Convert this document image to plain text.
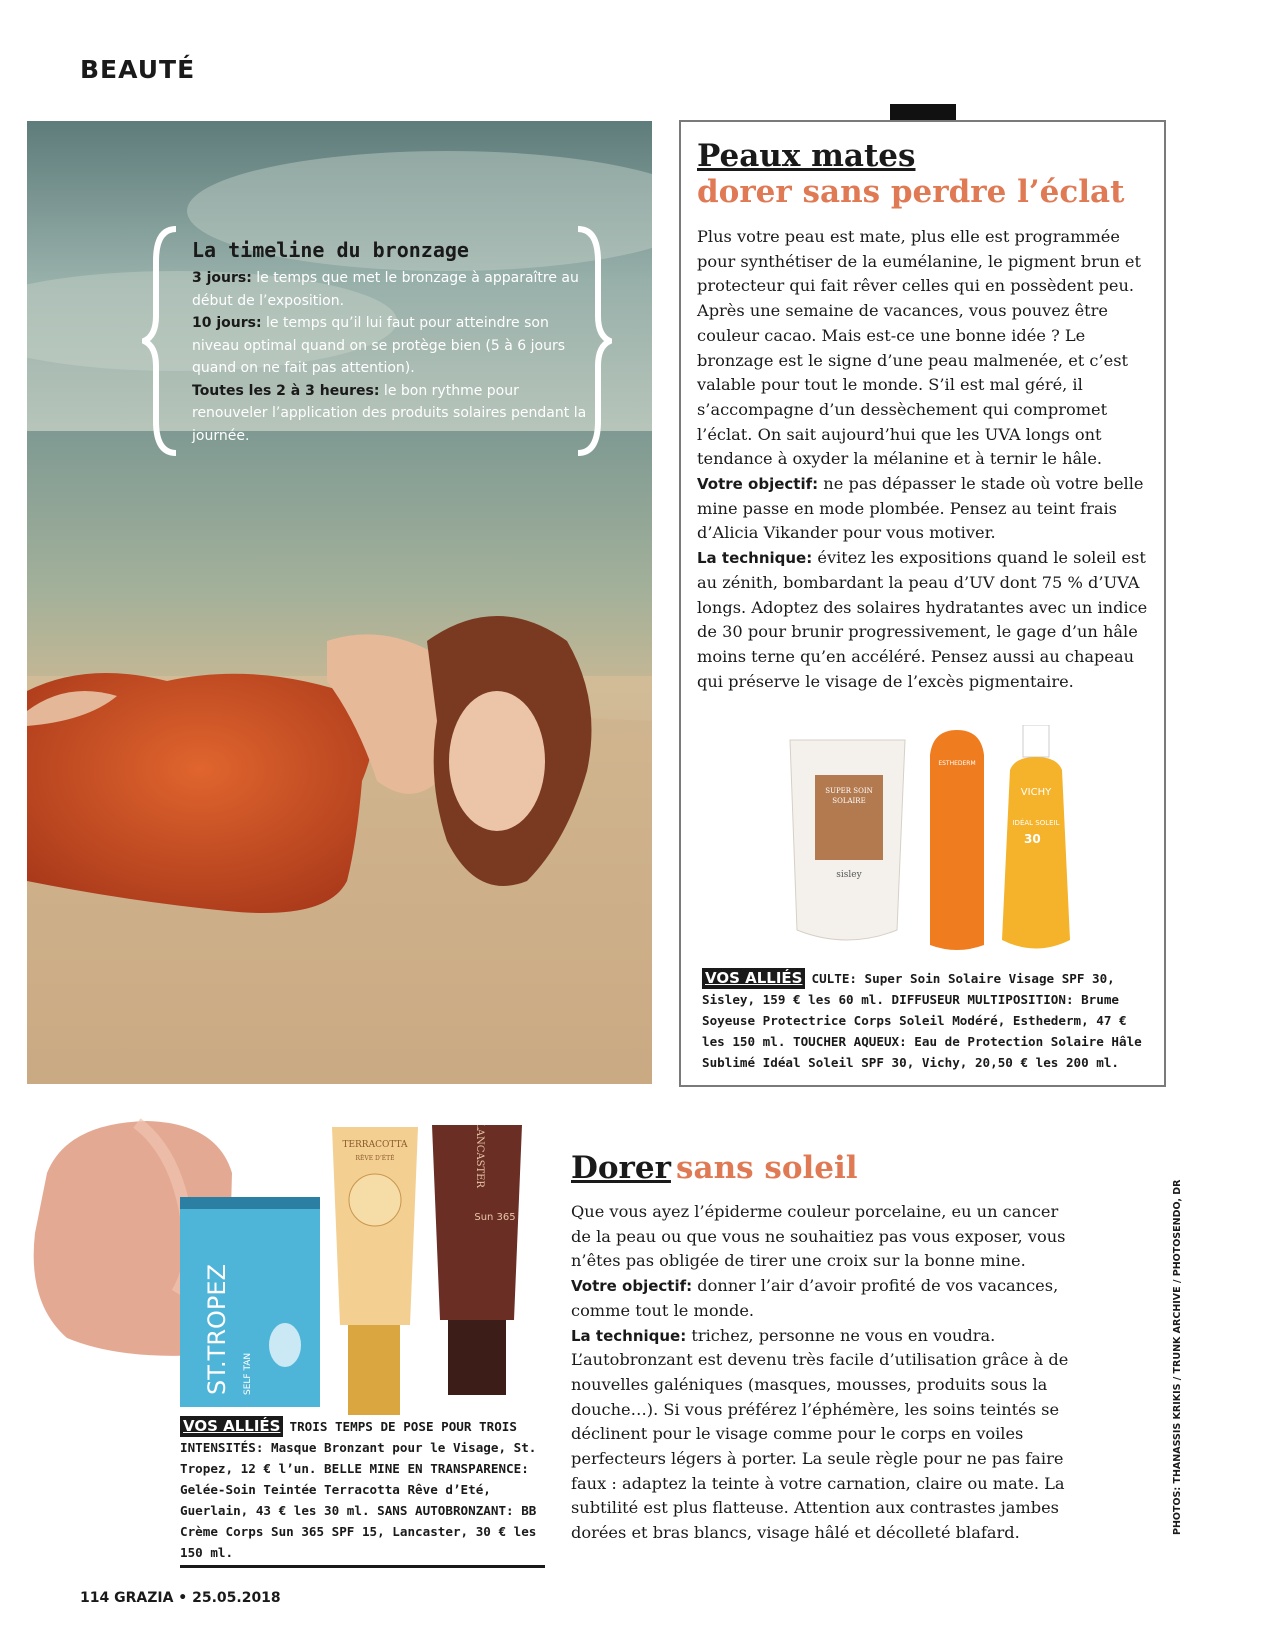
BEAUTÉ
La timeline du bronzage
3 jours: le temps que met le bronzage à apparaître au début de l’exposition.
10 jours: le temps qu’il lui faut pour atteindre son niveau optimal quand on se protège bien (5 à 6 jours quand on ne fait pas attention).
Toutes les 2 à 3 heures: le bon rythme pour renouveler l’application des produits solaires pendant la journée.
Peaux mates
dorer sans perdre l’éclat
Plus votre peau est mate, plus elle est programmée pour synthétiser de la eumélanine, le pigment brun et protecteur qui fait rêver celles qui en possèdent peu. Après une semaine de vacances, vous pouvez être couleur cacao. Mais est-ce une bonne idée ? Le bronzage est le signe d’une peau malmenée, et c’est valable pour tout le monde. S’il est mal géré, il s’accompagne d’un dessèchement qui compromet l’éclat. On sait aujourd’hui que les UVA longs ont tendance à oxyder la mélanine et à ternir le hâle.
Votre objectif: ne pas dépasser le stade où votre belle mine passe en mode plombée. Pensez au teint frais d’Alicia Vikander pour vous motiver.
La technique: évitez les expositions quand le soleil est au zénith, bombardant la peau d’UV dont 75 % d’UVA longs. Adoptez des solaires hydratantes avec un indice de 30 pour brunir progressivement, le gage d’un hâle moins terne qu’en accéléré. Pensez aussi au chapeau qui préserve le visage de l’excès pigmentaire.
SUPER SOIN
SOLAIRE
sisley
ESTHEDERM
VICHY
IDÉAL SOLEIL
30
VOS ALLIÉS CULTE: Super Soin Solaire Visage SPF 30, Sisley, 159 € les 60 ml. DIFFUSEUR MULTIPOSITION: Brume Soyeuse Protectrice Corps Soleil Modéré, Esthederm, 47 € les 150 ml. TOUCHER AQUEUX: Eau de Protection Solaire Hâle Sublimé Idéal Soleil SPF 30, Vichy, 20,50 € les 200 ml.
TERRACOTTA
RÊVE D’ÉTÉ	LANCASTER
Sun 365
ST.TROPEZ SELF TAN
VOS ALLIÉS TROIS TEMPS DE POSE POUR TROIS INTENSITÉS: Masque Bronzant pour le Visage, St. Tropez, 12 € l’un. BELLE MINE EN TRANSPARENCE: Gelée-Soin Teintée Terracotta Rêve d’Eté, Guerlain, 43 € les 30 ml. SANS AUTOBRONZANT: BB Crème Corps Sun 365 SPF 15, Lancaster, 30 € les 150 ml.
Dorer sans soleil
Que vous ayez l’épiderme couleur porcelaine, eu un cancer de la peau ou que vous ne souhaitiez pas vous exposer, vous n’êtes pas obligée de tirer une croix sur la bonne mine.
Votre objectif: donner l’air d’avoir profité de vos vacances, comme tout le monde.
La technique: trichez, personne ne vous en voudra. L’autobronzant est devenu très facile d’utilisation grâce à de nouvelles galéniques (masques, mousses, produits sous la douche…). Si vous préférez l’éphémère, les soins teintés se déclinent pour le visage comme pour le corps en voiles perfecteurs légers à porter. La seule règle pour ne pas faire faux : adaptez la teinte à votre carnation, claire ou mate. La subtilité est plus flatteuse. Attention aux contrastes jambes dorées et bras blancs, visage hâlé et décolleté blafard.	PHOTOS: THANASSIS KRIKIS / TRUNK ARCHIVE / PHOTOSENDO, DR
114 GRAZIA • 25.05.2018
